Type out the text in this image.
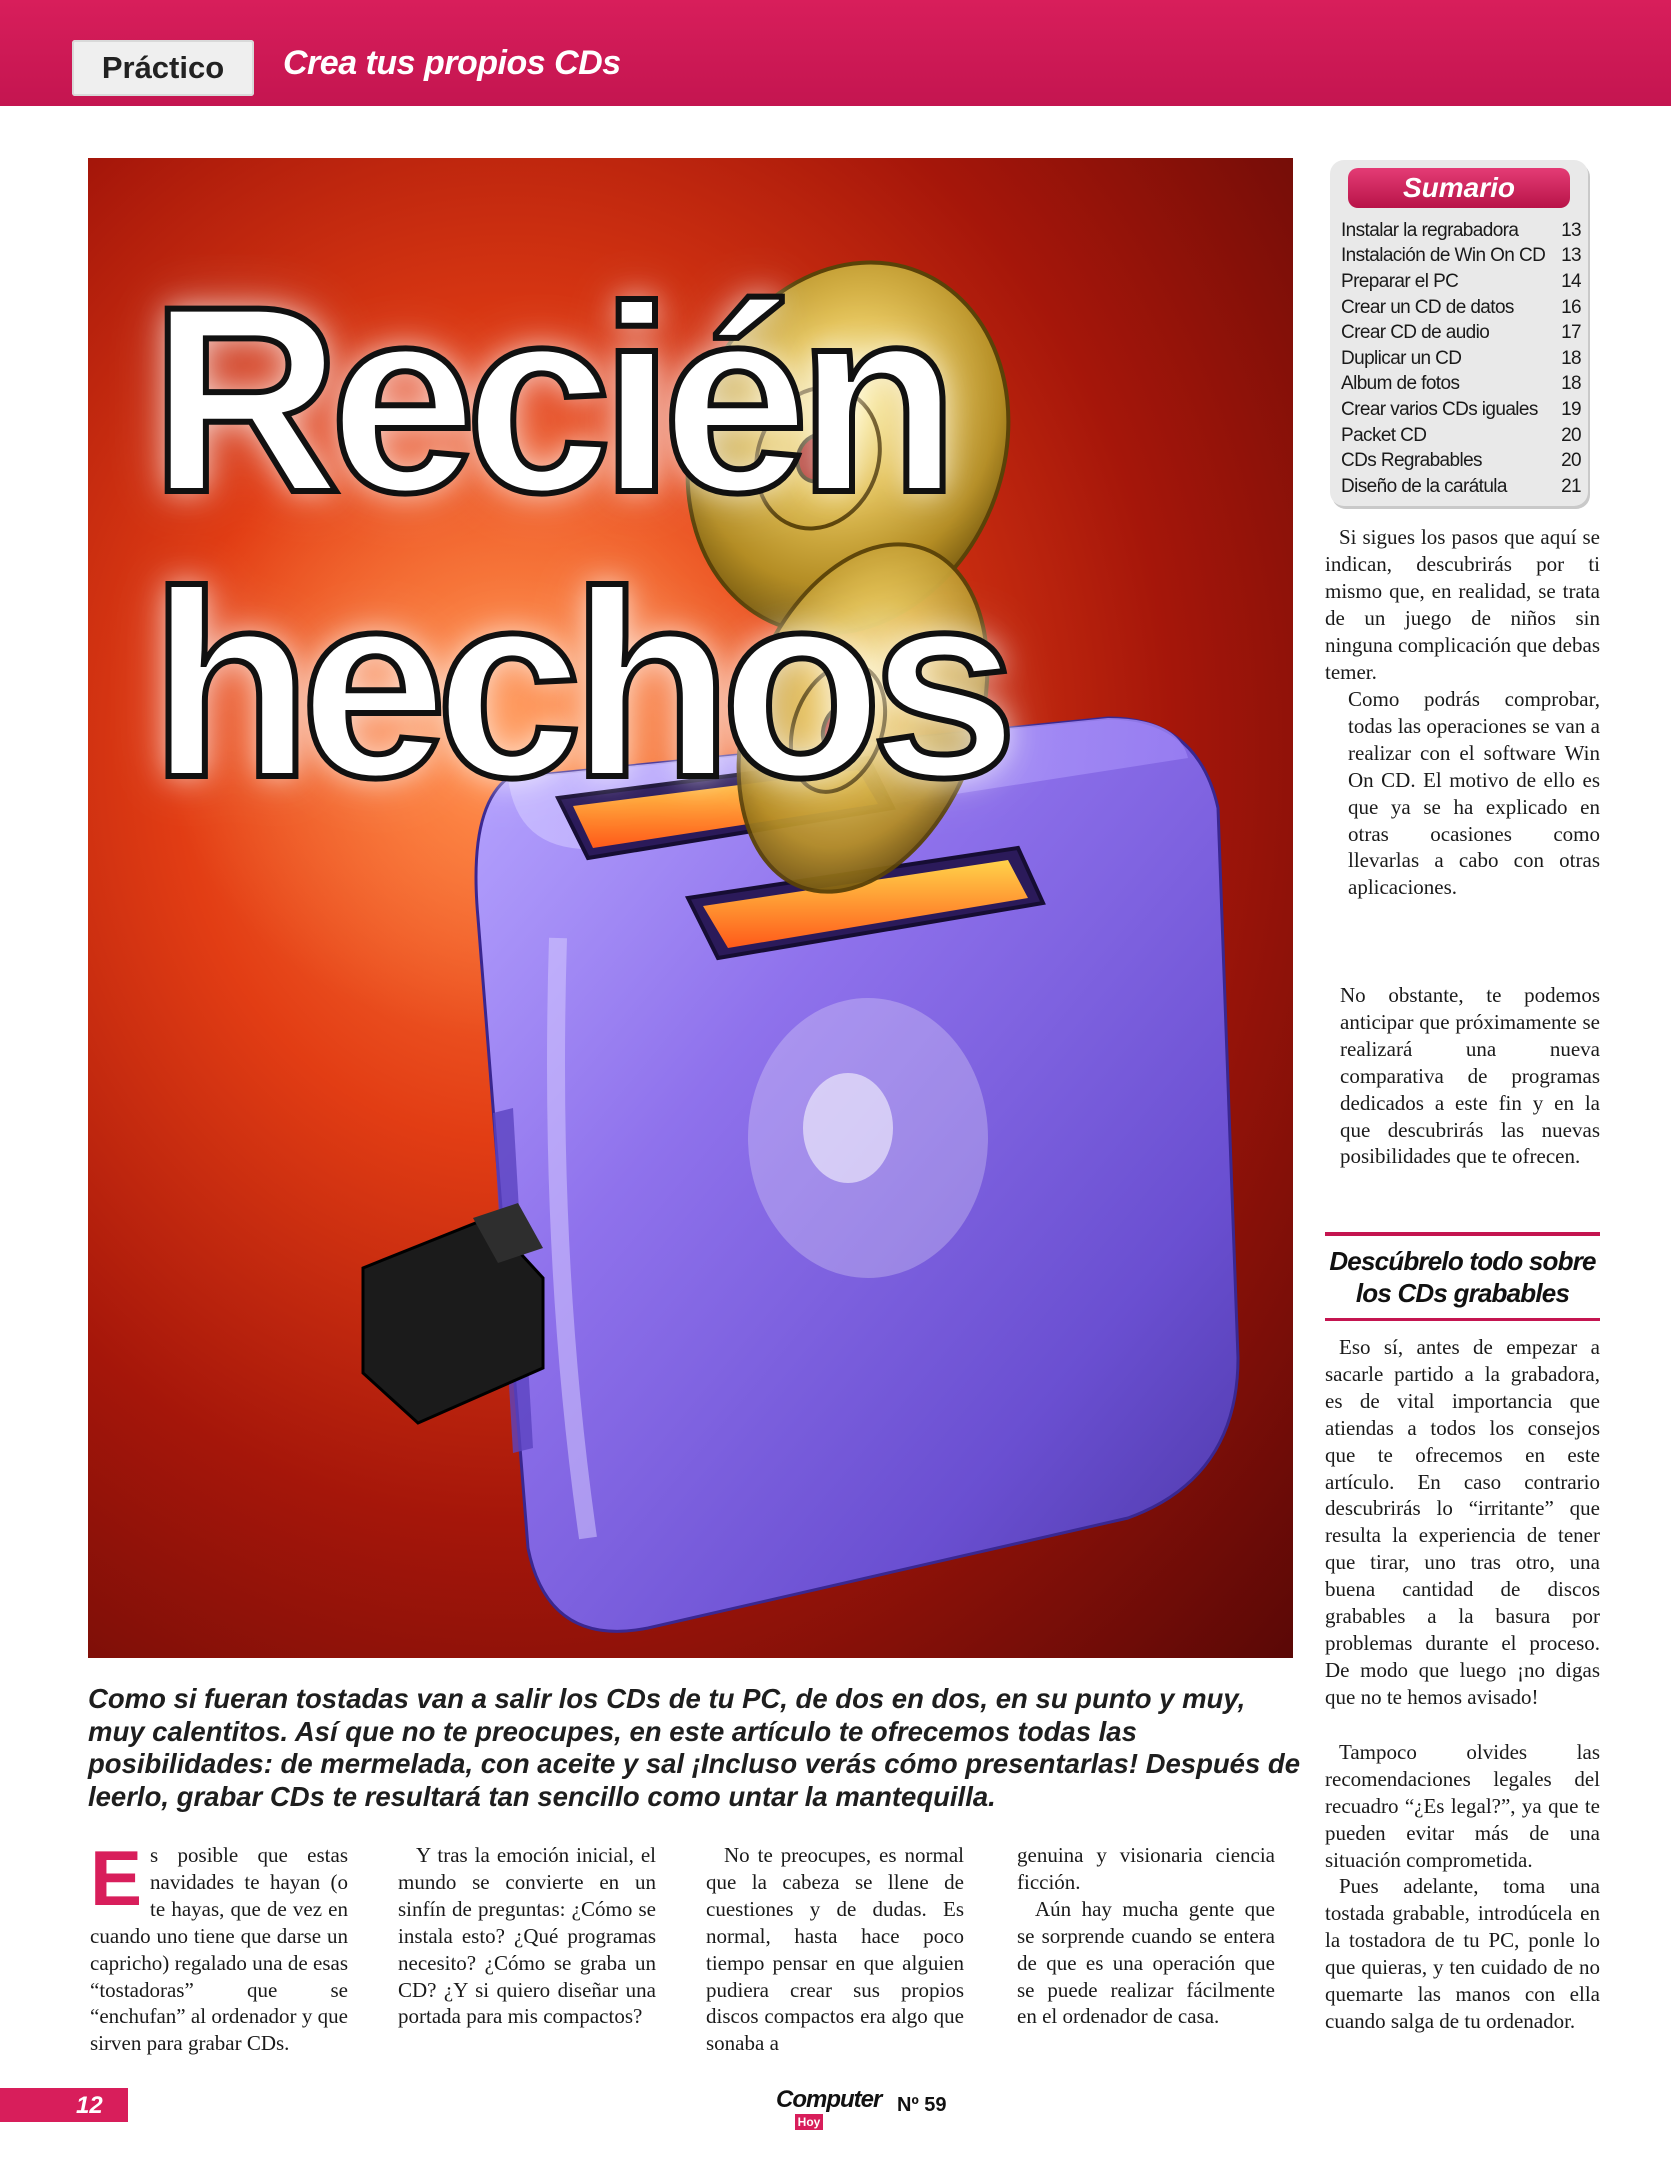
Práctico	Crea tus propios CDs
Recién
hechos
Sumario
Instalar la regrabadora 13
Instalación de Win On CD 13
Preparar el PC	14
Crear un CD de datos 16
Crear CD de audio	17
Duplicar un CD	18
Album de fotos	18
Crear varios CDs iguales 19
Packet CD	20
CDs Regrabables	20
Diseño de la carátula	21

Si sigues los pasos que aquí se indican, descubrirás por ti mismo que, en realidad, se trata de un juego de niños sin ninguna complicación que debas temer.

Como podrás comprobar, todas las operaciones se van a realizar con el software Win On CD. El motivo de ello es que ya se ha explicado en otras ocasiones como llevarlas a cabo con otras aplicaciones.

No obstante, te podemos anticipar que próximamente se realizará una nueva comparativa de programas dedicados a este fin y en la que descubrirás las nuevas posibilidades que te ofrecen.

Descúbrelo todo sobre los CDs grabables

Eso sí, antes de empezar a sacarle partido a la grabadora, es de vital importancia que atiendas a todos los consejos que te ofrecemos en este artículo. En caso contrario descubrirás lo “irritante” que resulta la experiencia de tener que tirar, uno tras otro, una buena cantidad de discos grabables a la basura por problemas durante el proceso. De modo que luego ¡no digas que no te hemos avisado!

Tampoco olvides las recomendaciones legales del recuadro “¿Es legal?”, ya que te pueden evitar más de una situación comprometida.

Pues adelante, toma una tostada grabable, introdúcela en la tostadora de tu PC, ponle lo que quieras, y ten cuidado de no quemarte las manos con ella cuando salga de tu ordenador.

Como si fueran tostadas van a salir los CDs de tu PC, de dos en dos, en su punto y muy, muy calentitos. Así que no te preocupes, en este artículo te ofrecemos todas las posibilidades: de mermelada, con aceite y sal ¡Incluso verás cómo presentarlas! Después de leerlo, grabar CDs te resultará tan sencillo como untar la mantequilla.

E s posible que estas navidades te hayan (o te hayas, que de vez en cuando uno tiene que darse un capricho) regalado una de esas “tostadoras” que se “enchufan” al ordenador y que sirven para grabar CDs.

Y tras la emoción inicial, el mundo se convierte en un sinfín de preguntas: ¿Cómo se instala esto? ¿Qué programas necesito? ¿Cómo se graba un CD? ¿Y si quiero diseñar una portada para mis compactos?

No te preocupes, es normal que la cabeza se llene de cuestiones y de dudas. Es normal, hasta hace poco tiempo pensar en que alguien pudiera crear sus propios discos compactos era algo que sonaba a

genuina y visionaria ciencia ficción.

Aún hay mucha gente que se sorprende cuando se entera de que es una operación que se puede realizar fácilmente en el ordenador de casa.

12	Computer
Hoy
Nº 59
